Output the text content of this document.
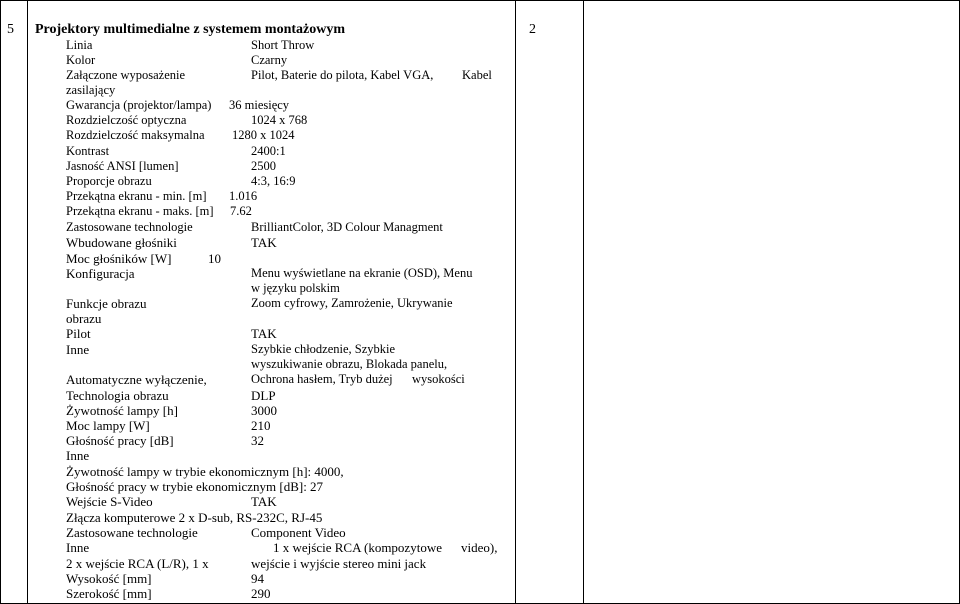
5 Projektory multimedialne z systemem montażowym	2
Linia	Short Throw
Kolor	Czarny
Załączone wyposażenie	Pilot, Baterie do pilota, Kabel VGA, Kabel
zasilający
Gwarancja (projektor/lampa) 36 miesięcy
Rozdzielczość optyczna	1024 x 768
Rozdzielczość maksymalna 1280 x 1024
Kontrast	2400:1
Jasność ANSI [lumen]	2500
Proporcje obrazu	4:3, 16:9
Przekątna ekranu - min. [m] 1.016
Przekątna ekranu - maks. [m] 7.62
Zastosowane technologie	BrilliantColor, 3D Colour Managment
Wbudowane głośniki	TAK
Moc głośników [W]	10
Konfiguracja	Menu wyświetlane na ekranie (OSD), Menu
w języku polskim
Funkcje obrazu	Zoom cyfrowy, Zamrożenie, Ukrywanie
obrazu
Pilot	TAK
Inne	Szybkie chłodzenie, Szybkie
wyszukiwanie obrazu, Blokada panelu,
Automatyczne wyłączenie,	Ochrona hasłem, Tryb dużej wysokości
Technologia obrazu	DLP
Żywotność lampy [h]	3000
Moc lampy [W]	210
Głośność pracy [dB]	32
Inne
Żywotność lampy w trybie ekonomicznym [h]: 4000,
Głośność pracy w trybie ekonomicznym [dB]: 27
Wejście S-Video	TAK
Złącza komputerowe 2 x D-sub, RS-232C, RJ-45
Zastosowane technologie	Component Video
Inne	1 x wejście RCA (kompozytowe video),
2 x wejście RCA (L/R), 1 x	wejście i wyjście stereo mini jack
Wysokość [mm]	94
Szerokość [mm]	290
